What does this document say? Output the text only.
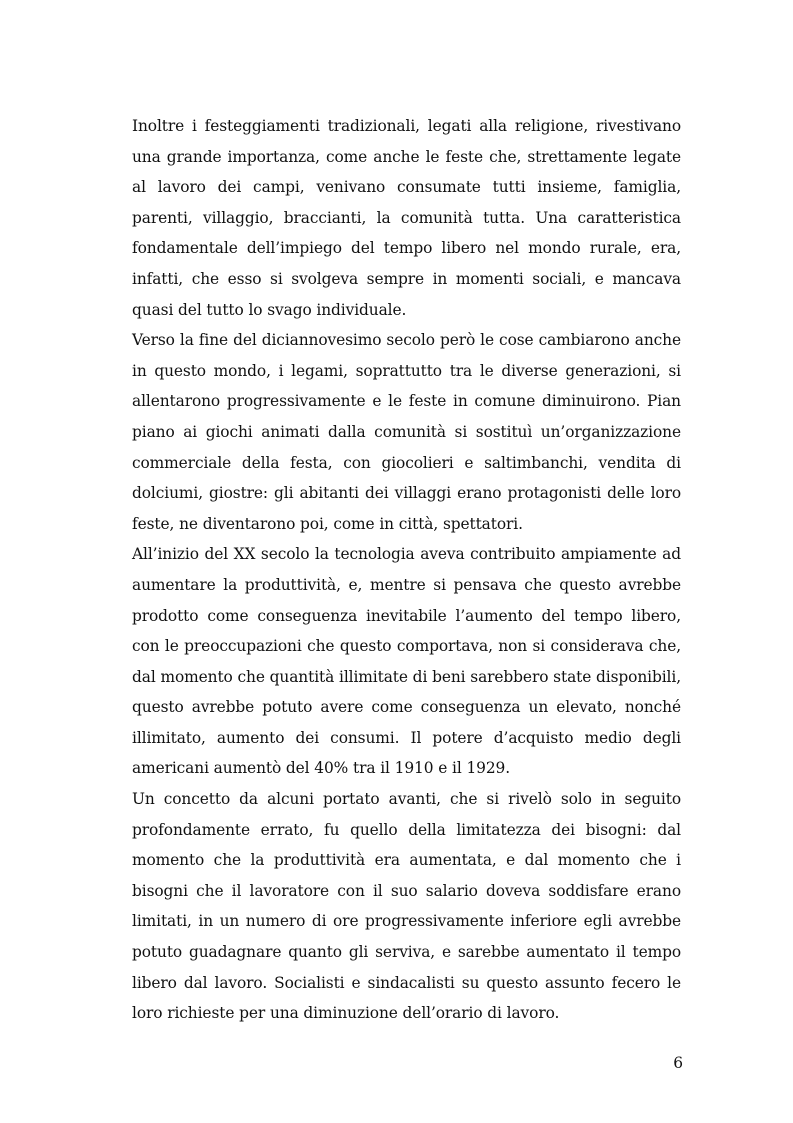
Inoltre i festeggiamenti tradizionali, legati alla religione, rivestivano una grande importanza, come anche le feste che, strettamente legate al lavoro dei campi, venivano consumate tutti insieme, famiglia, parenti, villaggio, braccianti, la comunità tutta. Una caratteristica fondamentale dell’impiego del tempo libero nel mondo rurale, era, infatti, che esso si svolgeva sempre in momenti sociali, e mancava quasi del tutto lo svago individuale.

Verso la fine del diciannovesimo secolo però le cose cambiarono anche in questo mondo, i legami, soprattutto tra le diverse generazioni, si allentarono progressivamente e le feste in comune diminuirono. Pian piano ai giochi animati dalla comunità si sostituì un’organizzazione commerciale della festa, con giocolieri e saltimbanchi, vendita di dolciumi, giostre: gli abitanti dei villaggi erano protagonisti delle loro feste, ne diventarono poi, come in città, spettatori.

All’inizio del XX secolo la tecnologia aveva contribuito ampiamente ad aumentare la produttività, e, mentre si pensava che questo avrebbe prodotto come conseguenza inevitabile l’aumento del tempo libero, con le preoccupazioni che questo comportava, non si considerava che, dal momento che quantità illimitate di beni sarebbero state disponibili, questo avrebbe potuto avere come conseguenza un elevato, nonché illimitato, aumento dei consumi. Il potere d’acquisto medio degli americani aumentò del 40% tra il 1910 e il 1929.

Un concetto da alcuni portato avanti, che si rivelò solo in seguito profondamente errato, fu quello della limitatezza dei bisogni: dal momento che la produttività era aumentata, e dal momento che i bisogni che il lavoratore con il suo salario doveva soddisfare erano limitati, in un numero di ore progressivamente inferiore egli avrebbe potuto guadagnare quanto gli serviva, e sarebbe aumentato il tempo libero dal lavoro. Socialisti e sindacalisti su questo assunto fecero le loro richieste per una diminuzione dell’orario di lavoro.

6
